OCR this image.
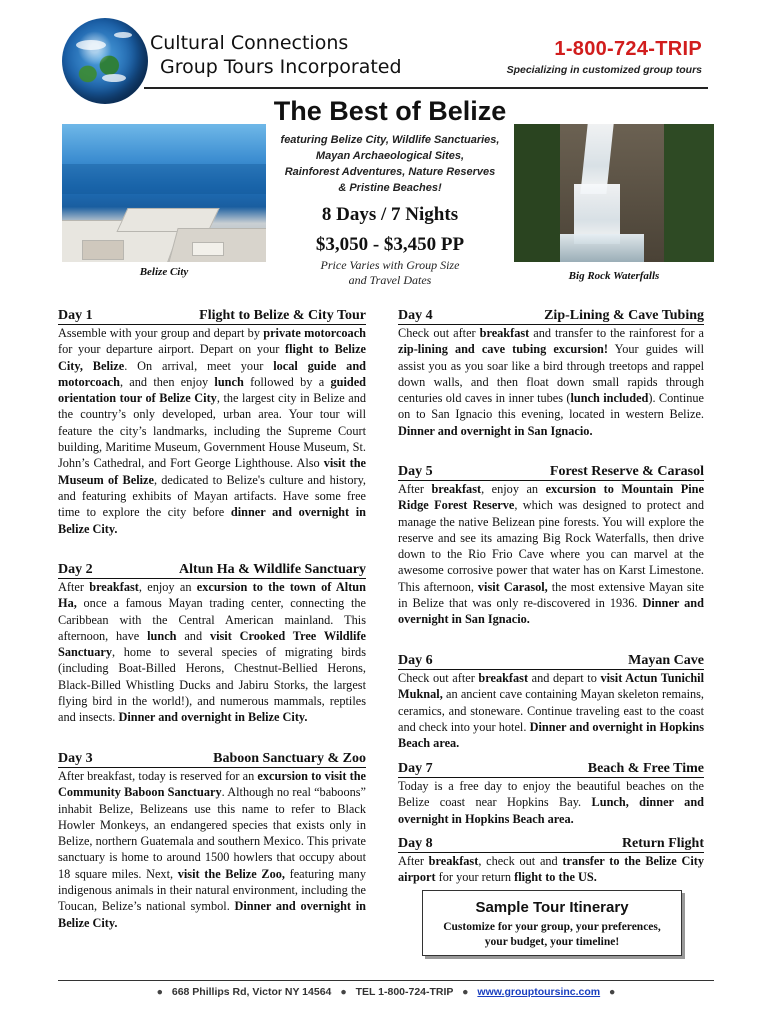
Cultural Connections
Group Tours Incorporated
1-800-724-TRIP
Specializing in customized group tours
The Best of Belize
featuring Belize City, Wildlife Sanctuaries,
Mayan Archaeological Sites,
Rainforest Adventures, Nature Reserves
& Pristine Beaches!
8 Days / 7 Nights
$3,050 - $3,450 PP
Price Varies with Group Size
and Travel Dates
Belize City	Big Rock Waterfalls
Day 1	Flight to Belize & City Tour
Assemble with your group and depart by private motorcoach for your departure airport. Depart on your flight to Belize City, Belize. On arrival, meet your local guide and motorcoach, and then enjoy lunch followed by a guided orientation tour of Belize City, the largest city in Belize and the country’s only developed, urban area. Your tour will feature the city’s landmarks, including the Supreme Court building, Maritime Museum, Government House Museum, St. John’s Cathedral, and Fort George Lighthouse. Also visit the Museum of Belize, dedicated to Belize's culture and history, and featuring exhibits of Mayan artifacts. Have some free time to explore the city before dinner and overnight in Belize City.
Day 2	Altun Ha & Wildlife Sanctuary
After breakfast, enjoy an excursion to the town of Altun Ha, once a famous Mayan trading center, connecting the Caribbean with the Central American mainland. This afternoon, have lunch and visit Crooked Tree Wildlife Sanctuary, home to several species of migrating birds (including Boat-Billed Herons, Chestnut-Bellied Herons, Black-Billed Whistling Ducks and Jabiru Storks, the largest flying bird in the world!), and numerous mammals, reptiles and insects. Dinner and overnight in Belize City.
Day 3	Baboon Sanctuary & Zoo
After breakfast, today is reserved for an excursion to visit the Community Baboon Sanctuary. Although no real “baboons” inhabit Belize, Belizeans use this name to refer to Black Howler Monkeys, an endangered species that exists only in Belize, northern Guatemala and southern Mexico. This private sanctuary is home to around 1500 howlers that occupy about 18 square miles. Next, visit the Belize Zoo, featuring many indigenous animals in their natural environment, including the Toucan, Belize’s national symbol. Dinner and overnight in Belize City.
Day 4	Zip-Lining & Cave Tubing
Check out after breakfast and transfer to the rainforest for a zip-lining and cave tubing excursion! Your guides will assist you as you soar like a bird through treetops and rappel down walls, and then float down small rapids through centuries old caves in inner tubes (lunch included). Continue on to San Ignacio this evening, located in western Belize. Dinner and overnight in San Ignacio.
Day 5	Forest Reserve & Carasol
After breakfast, enjoy an excursion to Mountain Pine Ridge Forest Reserve, which was designed to protect and manage the native Belizean pine forests. You will explore the reserve and see its amazing Big Rock Waterfalls, then drive down to the Rio Frio Cave where you can marvel at the awesome corrosive power that water has on Karst Limestone. This afternoon, visit Carasol, the most extensive Mayan site in Belize that was only re-discovered in 1936. Dinner and overnight in San Ignacio.
Day 6	Mayan Cave
Check out after breakfast and depart to visit Actun Tunichil Muknal, an ancient cave containing Mayan skeleton remains, ceramics, and stoneware. Continue traveling east to the coast and check into your hotel. Dinner and overnight in Hopkins Beach area.
Day 7	Beach & Free Time
Today is a free day to enjoy the beautiful beaches on the Belize coast near Hopkins Bay. Lunch, dinner and overnight in Hopkins Beach area.
Day 8	Return Flight
After breakfast, check out and transfer to the Belize City airport for your return flight to the US.
Sample Tour Itinerary
Customize for your group, your preferences,
your budget, your timeline!
● 668 Phillips Rd, Victor NY 14564 ● TEL 1-800-724-TRIP ● www.grouptoursinc.com ●
